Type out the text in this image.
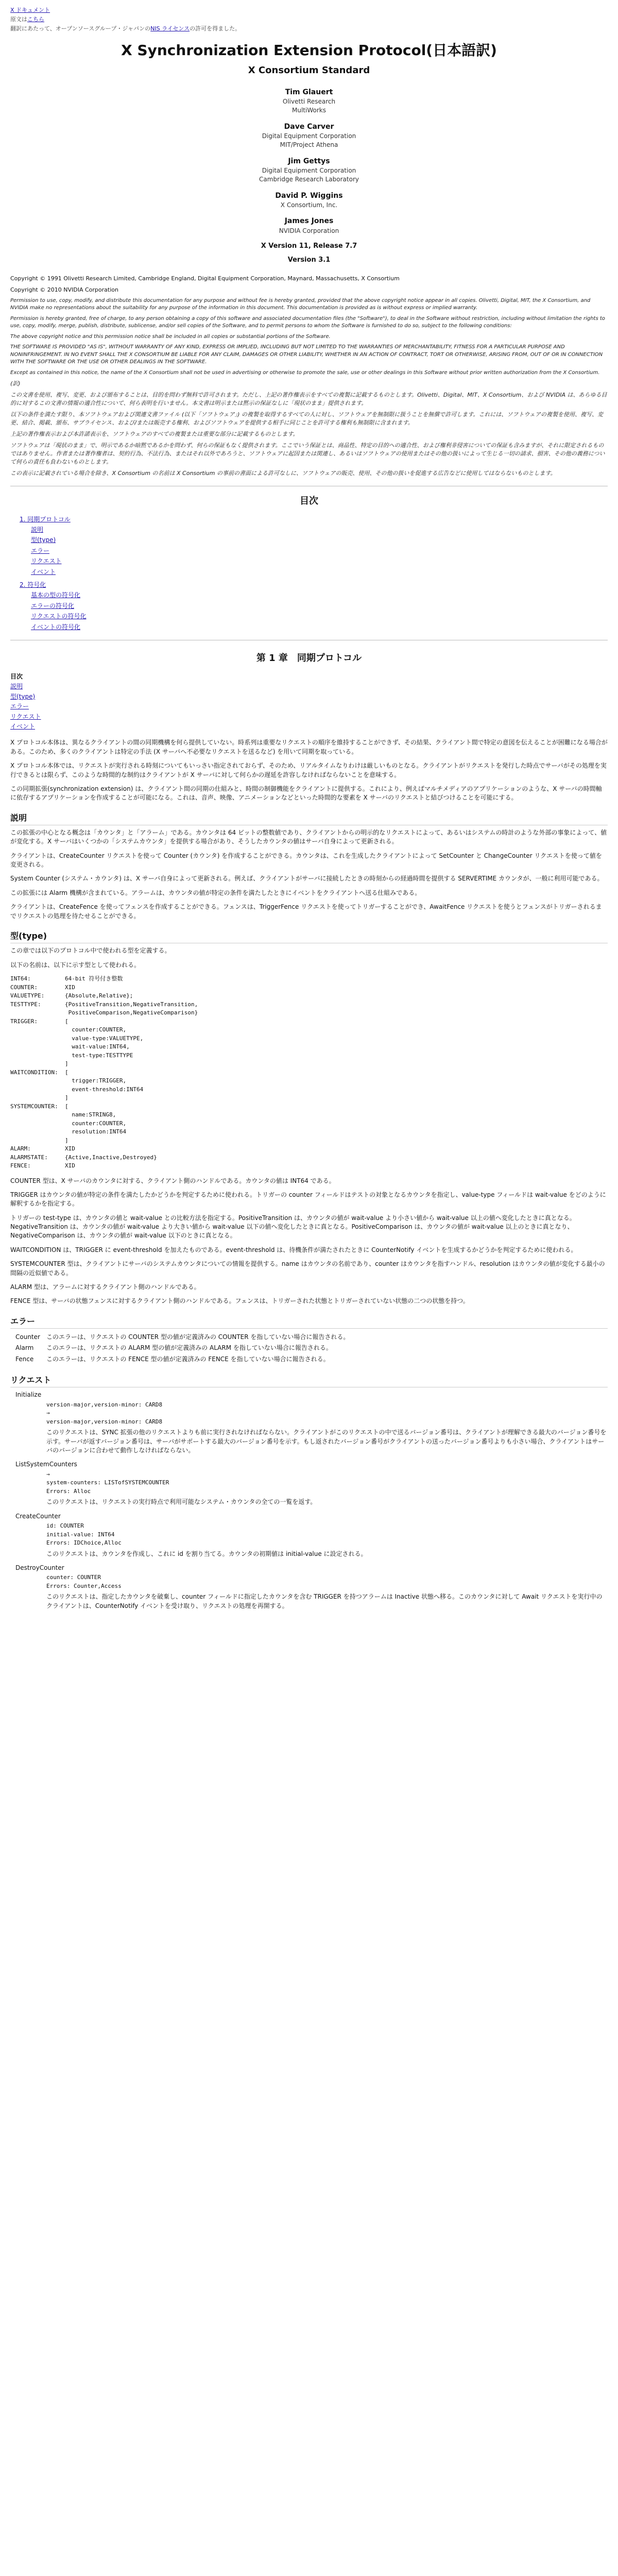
X ドキュメント
原文はこちら
翻訳にあたって、オープンソースグループ・ジャパンのNIS ライセンスの許可を得ました。
X Synchronization Extension Protocol(日本語訳)
X Consortium Standard
Tim Glauert
Olivetti Research
MultiWorks
Dave Carver
Digital Equipment Corporation
MIT/Project Athena
Jim Gettys
Digital Equipment Corporation
Cambridge Research Laboratory
David P. Wiggins
X Consortium, Inc.
James Jones
NVIDIA Corporation
X Version 11, Release 7.7
Version 3.1
Copyright © 1991 Olivetti Research Limited, Cambridge England, Digital Equipment Corporation, Maynard, Massachusetts, X Consortium
Copyright © 2010 NVIDIA Corporation

Permission to use, copy, modify, and distribute this documentation for any purpose and without fee is hereby granted, provided that the above copyright notice appear in all copies. Olivetti, Digital, MIT, the X Consortium, and NVIDIA make no representations about the suitability for any purpose of the information in this document. This documentation is provided as is without express or implied warranty.

Permission is hereby granted, free of charge, to any person obtaining a copy of this software and associated documentation files (the "Software"), to deal in the Software without restriction, including without limitation the rights to use, copy, modify, merge, publish, distribute, sublicense, and/or sell copies of the Software, and to permit persons to whom the Software is furnished to do so, subject to the following conditions:

The above copyright notice and this permission notice shall be included in all copies or substantial portions of the Software.

THE SOFTWARE IS PROVIDED "AS IS", WITHOUT WARRANTY OF ANY KIND, EXPRESS OR IMPLIED, INCLUDING BUT NOT LIMITED TO THE WARRANTIES OF MERCHANTABILITY, FITNESS FOR A PARTICULAR PURPOSE AND NONINFRINGEMENT. IN NO EVENT SHALL THE X CONSORTIUM BE LIABLE FOR ANY CLAIM, DAMAGES OR OTHER LIABILITY, WHETHER IN AN ACTION OF CONTRACT, TORT OR OTHERWISE, ARISING FROM, OUT OF OR IN CONNECTION WITH THE SOFTWARE OR THE USE OR OTHER DEALINGS IN THE SOFTWARE.

Except as contained in this notice, the name of the X Consortium shall not be used in advertising or otherwise to promote the sale, use or other dealings in this Software without prior written authorization from the X Consortium.

(訳)

この文書を使用、複写、変更、および頒布することは、目的を問わず無料で許可されます。ただし、上記の著作権表示をすべての複製に記載するものとします。Olivetti、Digital、MIT、X Consortium、および NVIDIA は、あらゆる目的に対するこの文書の情報の適合性について、何ら表明を行いません。本文書は明示または黙示の保証なしに「現状のまま」提供されます。

以下の条件を満たす限り、本ソフトウェアおよび関連文書ファイル (以下「ソフトウェア」) の複製を取得するすべての人に対し、ソフトウェアを無制限に扱うことを無償で許可します。これには、ソフトウェアの複製を使用、複写、変更、結合、掲載、頒布、サブライセンス、および/または販売する権利、およびソフトウェアを提供する相手に同じことを許可する権利も無制限に含まれます。

上記の著作権表示および本許諾表示を、ソフトウェアのすべての複製または重要な部分に記載するものとします。

ソフトウェアは「現状のまま」で、明示であるか暗黙であるかを問わず、何らの保証もなく提供されます。ここでいう保証とは、商品性、特定の目的への適合性、および権利非侵害についての保証も含みますが、それに限定されるものではありません。作者または著作権者は、契約行為、不法行為、またはそれ以外であろうと、ソフトウェアに起因または関連し、あるいはソフトウェアの使用またはその他の扱いによって生じる一切の請求、損害、その他の義務について何らの責任も負わないものとします。

この表示に記載されている場合を除き、X Consortium の名前は X Consortium の事前の書面による許可なしに、ソフトウェアの販売、使用、その他の扱いを促進する広告などに使用してはならないものとします。

目次
1. 同期プロトコル
説明
型(type)
エラー
リクエスト
イベント
2. 符号化
基本の型の符号化
エラーの符号化
リクエストの符号化
イベントの符号化
第 1 章　同期プロトコル
目次
説明
型(type)
エラー
リクエスト
イベント

X プロトコル本体は、異なるクライアントの間の同期機構を何ら提供していない。時系列は重要なリクエストの順序を維持することができず、その結果、クライアント間で特定の意図を伝えることが困難になる場合がある。このため、多くのクライアントは特定の手法 (X サーバへ不必要なリクエストを送るなど) を用いて同期を取っている。

X プロトコル本体では、リクエストが実行される時刻についてもいっさい指定されておらず、そのため、リアルタイムなりわけは厳しいものとなる。クライアントがリクエストを発行した時点でサーバがその処理を実行できるとは限らず、このような時間的な制約はクライアントが X サーバに対して何らかの遅延を許容しなければならないことを意味する。

この同期拡張(synchronization extension) は、クライアント間の同期の仕組みと、時間の制御機能をクライアントに提供する。これにより、例えばマルチメディアのアプリケーションのような、X サーバの時間軸に依存するアプリケーションを作成することが可能になる。これは、音声、映像、アニメーションなどといった時間的な要素を X サーバのリクエストと結びつけることを可能にする。

説明

この拡張の中心となる概念は「カウンタ」と「アラーム」である。カウンタは 64 ビットの整数値であり、クライアントからの明示的なリクエストによって、あるいはシステムの時計のような外部の事象によって、値が変化する。X サーバはいくつかの「システムカウンタ」を提供する場合があり、そうしたカウンタの値はサーバ自身によって更新される。

クライアントは、CreateCounter リクエストを使って Counter (カウンタ) を作成することができる。カウンタは、これを生成したクライアントによって SetCounter と ChangeCounter リクエストを使って値を変更される。

System Counter (システム・カウンタ) は、X サーバ自身によって更新される。例えば、クライアントがサーバに接続したときの時刻からの経過時間を提供する SERVERTIME カウンタが、一般に利用可能である。

この拡張には Alarm 機構が含まれている。アラームは、カウンタの値が特定の条件を満たしたときにイベントをクライアントへ送る仕組みである。

クライアントは、CreateFence を使ってフェンスを作成することができる。フェンスは、TriggerFence リクエストを使ってトリガーすることができ、AwaitFence リクエストを使うとフェンスがトリガーされるまでリクエストの処理を待たせることができる。

型(type)

この章では以下のプロトコル中で使われる型を定義する。

以下の名前は、以下に示す型として使われる。

INT64:          64-bit 符号付き整数
COUNTER:        XID
VALUETYPE:      {Absolute,Relative};
TESTTYPE:       {PositiveTransition,NegativeTransition,
PositiveComparison,NegativeComparison}
TRIGGER:        [
counter:COUNTER,
value-type:VALUETYPE,
wait-value:INT64,
test-type:TESTTYPE
]
WAITCONDITION:  [
trigger:TRIGGER,
event-threshold:INT64
]
SYSTEMCOUNTER:  [
name:STRING8,
counter:COUNTER,
resolution:INT64
]
ALARM:          XID
ALARMSTATE:     {Active,Inactive,Destroyed}
FENCE:          XID

COUNTER 型は、X サーバのカウンタに対する、クライアント側のハンドルである。カウンタの値は INT64 である。

TRIGGER はカウンタの値が特定の条件を満たしたかどうかを判定するために使われる。トリガーの counter フィールドはテストの対象となるカウンタを指定し、value-type フィールドは wait-value をどのように解釈するかを指定する。

トリガーの test-type は、カウンタの値と wait-value との比較方法を指定する。PositiveTransition は、カウンタの値が wait-value より小さい値から wait-value 以上の値へ変化したときに真となる。NegativeTransition は、カウンタの値が wait-value より大きい値から wait-value 以下の値へ変化したときに真となる。PositiveComparison は、カウンタの値が wait-value 以上のときに真となり、NegativeComparison は、カウンタの値が wait-value 以下のときに真となる。

WAITCONDITION は、TRIGGER に event-threshold を加えたものである。event-threshold は、待機条件が満たされたときに CounterNotify イベントを生成するかどうかを判定するために使われる。

SYSTEMCOUNTER 型は、クライアントにサーバのシステムカウンタについての情報を提供する。name はカウンタの名前であり、counter はカウンタを指すハンドル、resolution はカウンタの値が変化する最小の間隔の近似値である。

ALARM 型は、アラームに対するクライアント側のハンドルである。

FENCE 型は、サーバの状態フェンスに対するクライアント側のハンドルである。フェンスは、トリガーされた状態とトリガーされていない状態の二つの状態を持つ。

エラー
Counter	このエラーは、リクエストの COUNTER 型の値が定義済みの COUNTER を指していない場合に報告される。
Alarm	このエラーは、リクエストの ALARM 型の値が定義済みの ALARM を指していない場合に報告される。
Fence	このエラーは、リクエストの FENCE 型の値が定義済みの FENCE を指していない場合に報告される。
リクエスト
Initialize
version-major,version-minor: CARD8
→
version-major,version-minor: CARD8
このリクエストは、SYNC 拡張の他のリクエストよりも前に実行されなければならない。クライアントがこのリクエストの中で送るバージョン番号は、クライアントが理解できる最大のバージョン番号を示す。サーバが返すバージョン番号は、サーバがサポートする最大のバージョン番号を示す。もし返されたバージョン番号がクライアントの送ったバージョン番号よりも小さい場合、クライアントはサーバのバージョンに合わせて動作しなければならない。
ListSystemCounters
→
system-counters: LISTofSYSTEMCOUNTER
Errors: Alloc
このリクエストは、リクエストの実行時点で利用可能なシステム・カウンタの全ての一覧を返す。
CreateCounter
id: COUNTER
initial-value: INT64
Errors: IDChoice,Alloc
このリクエストは、カウンタを作成し、これに id を割り当てる。カウンタの初期値は initial-value に設定される。
DestroyCounter
counter: COUNTER
Errors: Counter,Access
このリクエストは、指定したカウンタを破棄し、counter フィールドに指定したカウンタを含む TRIGGER を持つアラームは Inactive 状態へ移る。このカウンタに対して Await リクエストを実行中のクライアントは、CounterNotify イベントを受け取り、リクエストの処理を再開する。
